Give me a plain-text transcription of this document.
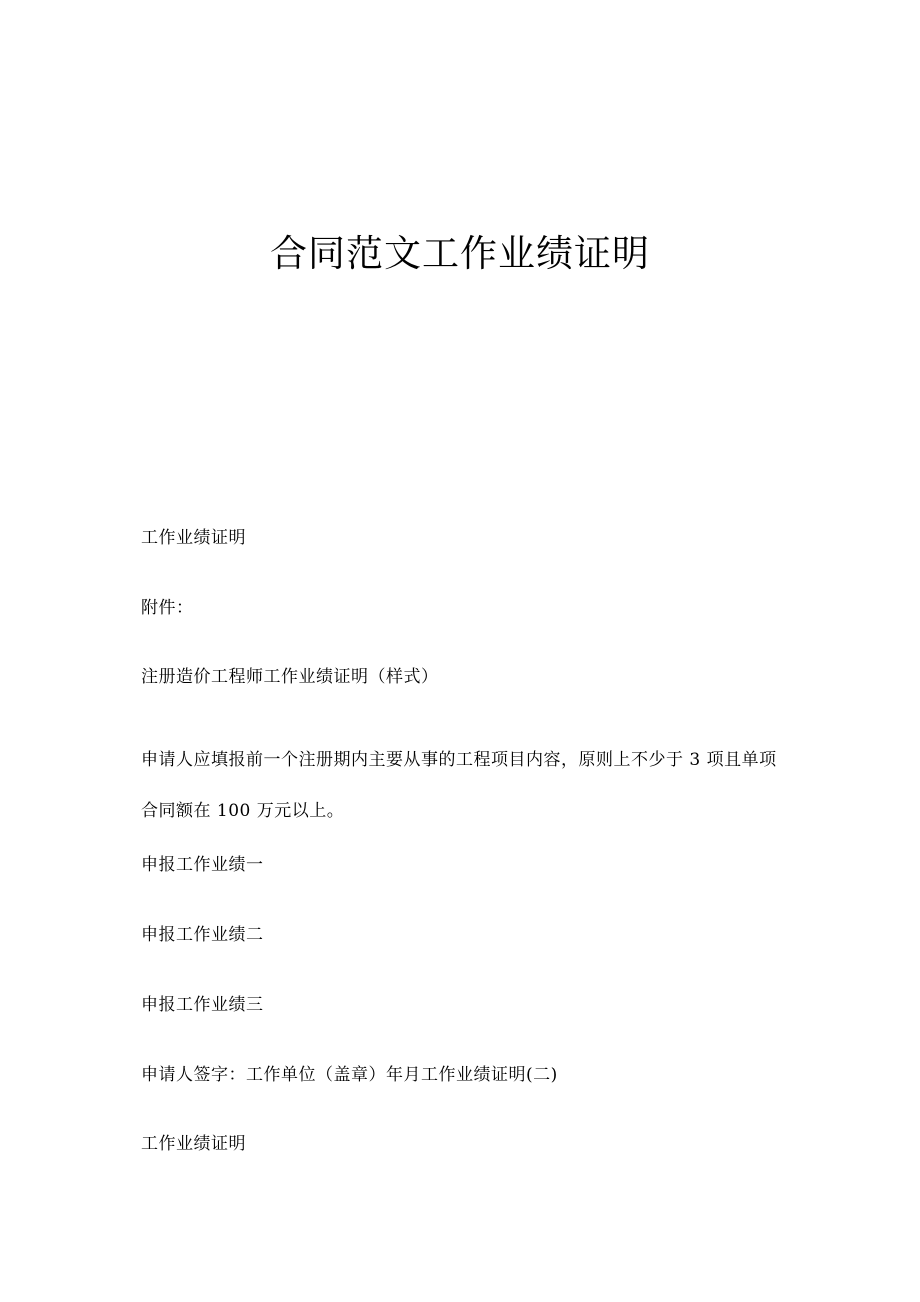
合同范文工作业绩证明

工作业绩证明

附件：

注册造价工程师工作业绩证明（样式）

申请人应填报前一个注册期内主要从事的工程项目内容，原则上不少于 3 项且单项合同额在 100 万元以上。

申报工作业绩一

申报工作业绩二

申报工作业绩三

申请人签字：工作单位（盖章）年月工作业绩证明(二)

工作业绩证明
